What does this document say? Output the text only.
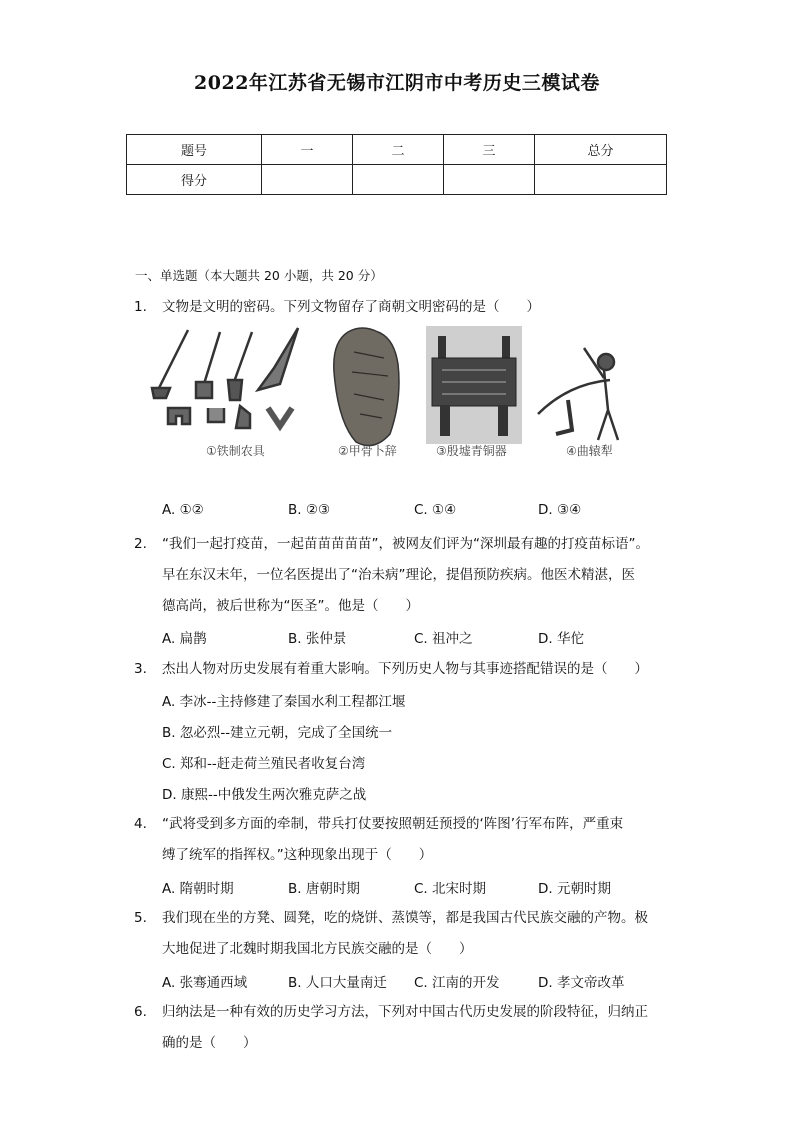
2022年江苏省无锡市江阴市中考历史三模试卷
题号	一	二	三	总分
得分				
一、单选题（本大题共 20 小题，共 20 分）
1.	文物是文明的密码。下列文物留存了商朝文明密码的是（　　）
①铁制农具	②甲骨卜辞	③殷墟青铜器	④曲辕犁
A. ①②	B. ②③	C. ①④	D. ③④
2.	“我们一起打疫苗，一起苗苗苗苗苗”，被网友们评为“深圳最有趣的打疫苗标语”。
早在东汉末年，一位名医提出了“治未病”理论，提倡预防疾病。他医术精湛，医
德高尚，被后世称为“医圣”。他是（　　）
A. 扁鹊	B. 张仲景	C. 祖冲之	D. 华佗
3.	杰出人物对历史发展有着重大影响。下列历史人物与其事迹搭配错误的是（　　）
A. 李冰--主持修建了秦国水利工程都江堰
B. 忽必烈--建立元朝，完成了全国统一
C. 郑和--赶走荷兰殖民者收复台湾
D. 康熙--中俄发生两次雅克萨之战
4.	“武将受到多方面的牵制，带兵打仗要按照朝廷预授的‘阵图’行军布阵，严重束
缚了统军的指挥权。”这种现象出现于（　　）
A. 隋朝时期	B. 唐朝时期	C. 北宋时期	D. 元朝时期
5.	我们现在坐的方凳、圆凳，吃的烧饼、蒸馍等，都是我国古代民族交融的产物。极
大地促进了北魏时期我国北方民族交融的是（　　）
A. 张骞通西域	B. 人口大量南迁 C. 江南的开发	D. 孝文帝改革
6.	归纳法是一种有效的历史学习方法，下列对中国古代历史发展的阶段特征，归纳正
确的是（　　）
